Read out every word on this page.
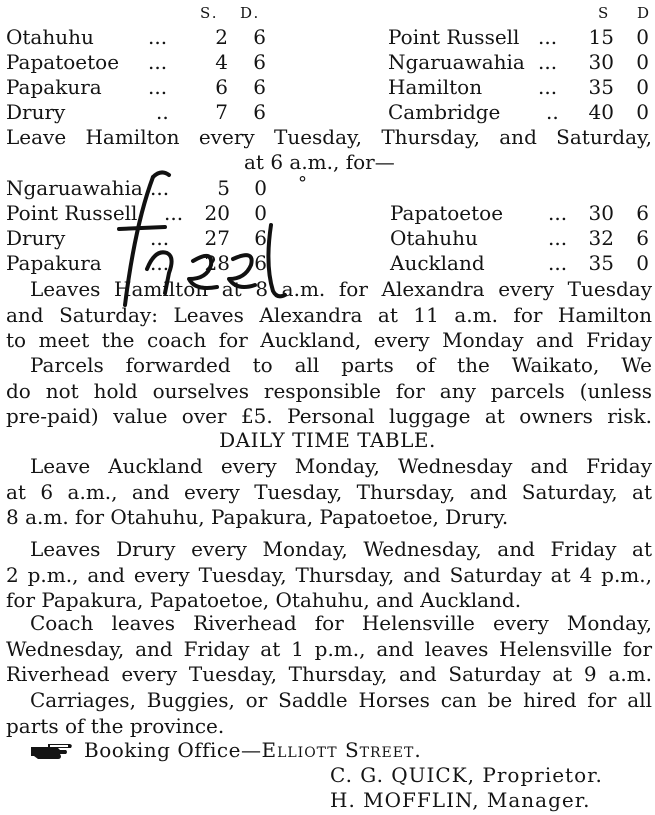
S. D.	S D
Otahuhu	...	2 6
Papatoetoe ...	4 6
Papakura ...	6 6
Drury	..	7 6
Point Russell ... 15 0
Ngaruawahia ... 30 0
Hamilton	... 35 0
Cambridge .. 40 0
Leave Hamilton every Tuesday, Thursday, and Saturday,
at 6 a.m., for—
Ngaruawahia ...	5 0
Point Russell ... 20 0
Drury	... 27 6
Papakura ... 28 6
Papatoetoe ... 30 6
Otahuhu	... 32 6
Auckland	... 35 0
Leaves Hamilton at 8 a.m. for Alexandra every Tuesday
and Saturday: Leaves Alexandra at 11 a.m. for Hamilton
to meet the coach for Auckland, every Monday and Friday
Parcels forwarded to all parts of the Waikato, We
do not hold ourselves responsible for any parcels (unless
pre-paid) value over £5. Personal luggage at owners risk.
DAILY TIME TABLE.
Leave Auckland every Monday, Wednesday and Friday
at 6 a.m., and every Tuesday, Thursday, and Saturday, at
8 a.m. for Otahuhu, Papakura, Papatoetoe, Drury.
Leaves Drury every Monday, Wednesday, and Friday at
2 p.m., and every Tuesday, Thursday, and Saturday at 4 p.m.,
for Papakura, Papatoetoe, Otahuhu, and Auckland.
Coach leaves Riverhead for Helensville every Monday,
Wednesday, and Friday at 1 p.m., and leaves Helensville for
Riverhead every Tuesday, Thursday, and Saturday at 9 a.m.
Carriages, Buggies, or Saddle Horses can be hired for all
parts of the province.
Booking Office—Elliott Street.
C. G. QUICK, Proprietor.
H. MOFFLIN, Manager.
°
